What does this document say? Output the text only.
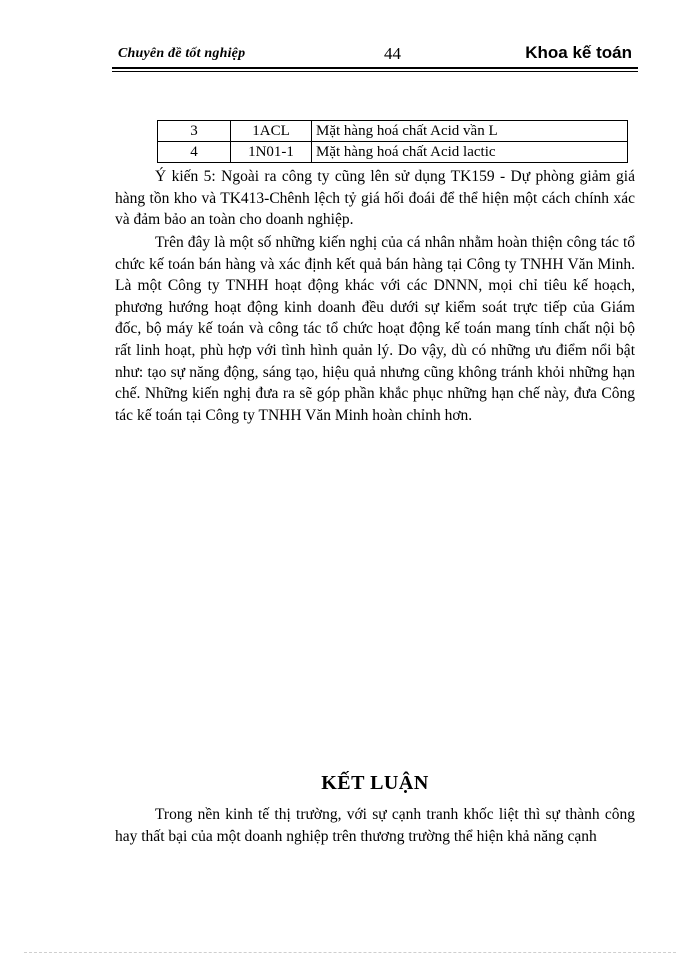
Chuyên đề tốt nghiệp	44	Khoa kế toán
3	1ACL	Mặt hàng hoá chất Acid vần L
4	1N01-1	Mặt hàng hoá chất Acid lactic

Ý kiến 5: Ngoài ra công ty cũng lên sử dụng TK159 - Dự phòng giảm giá hàng tồn kho và TK413-Chênh lệch tỷ giá hối đoái để thể hiện một cách chính xác và đảm bảo an toàn cho doanh nghiệp.

Trên đây là một số những kiến nghị của cá nhân nhằm hoàn thiện công tác tổ chức kế toán bán hàng và xác định kết quả bán hàng tại Công ty TNHH Văn Minh. Là một Công ty TNHH hoạt động khác với các DNNN, mọi chỉ tiêu kế hoạch, phương hướng hoạt động kinh doanh đều dưới sự kiểm soát trực tiếp của Giám đốc, bộ máy kế toán và công tác tổ chức hoạt động kế toán mang tính chất nội bộ rất linh hoạt, phù hợp với tình hình quản lý. Do vậy, dù có những ưu điểm nổi bật như: tạo sự năng động, sáng tạo, hiệu quả nhưng cũng không tránh khỏi những hạn chế. Những kiến nghị đưa ra sẽ góp phần khắc phục những hạn chế này, đưa Công tác kế toán tại Công ty TNHH Văn Minh hoàn chỉnh hơn.

KẾT LUẬN

Trong nền kinh tế thị trường, với sự cạnh tranh khốc liệt thì sự thành công hay thất bại của một doanh nghiệp trên thương trường thể hiện khả năng cạnh
